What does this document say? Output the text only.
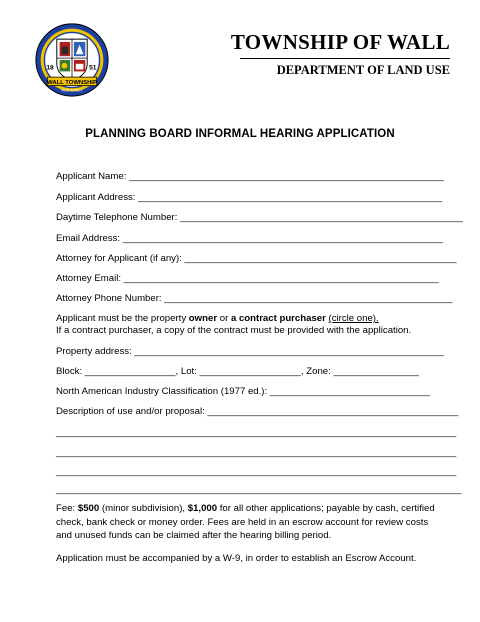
18	51
WALL TOWNSHIP
NEW JERSEY
TOWNSHIP OF WALL
DEPARTMENT OF LAND USE
PLANNING BOARD INFORMAL HEARING APPLICATION
Applicant Name: ___________________________________________________________
Applicant Address: _________________________________________________________
Daytime Telephone Number: _____________________________________________________
Email Address: ____________________________________________________________
Attorney for Applicant (if any): ___________________________________________________
Attorney Email: ___________________________________________________________
Attorney Phone Number: ______________________________________________________
Applicant must be the property owner or a contract purchaser (circle one).
If a contract purchaser, a copy of the contract must be provided with the application.
Property address: __________________________________________________________
Block: _________________, Lot: ___________________, Zone: ________________
North American Industry Classification (1977 ed.): ______________________________
Description of use and/or proposal: _______________________________________________
___________________________________________________________________________
___________________________________________________________________________
___________________________________________________________________________
____________________________________________________________________________
Fee: $500 (minor subdivision), $1,000 for all other applications; payable by cash, certified check, bank check or money order. Fees are held in an escrow account for review costs and unused funds can be claimed after the hearing billing period.
Application must be accompanied by a W-9, in order to establish an Escrow Account.
